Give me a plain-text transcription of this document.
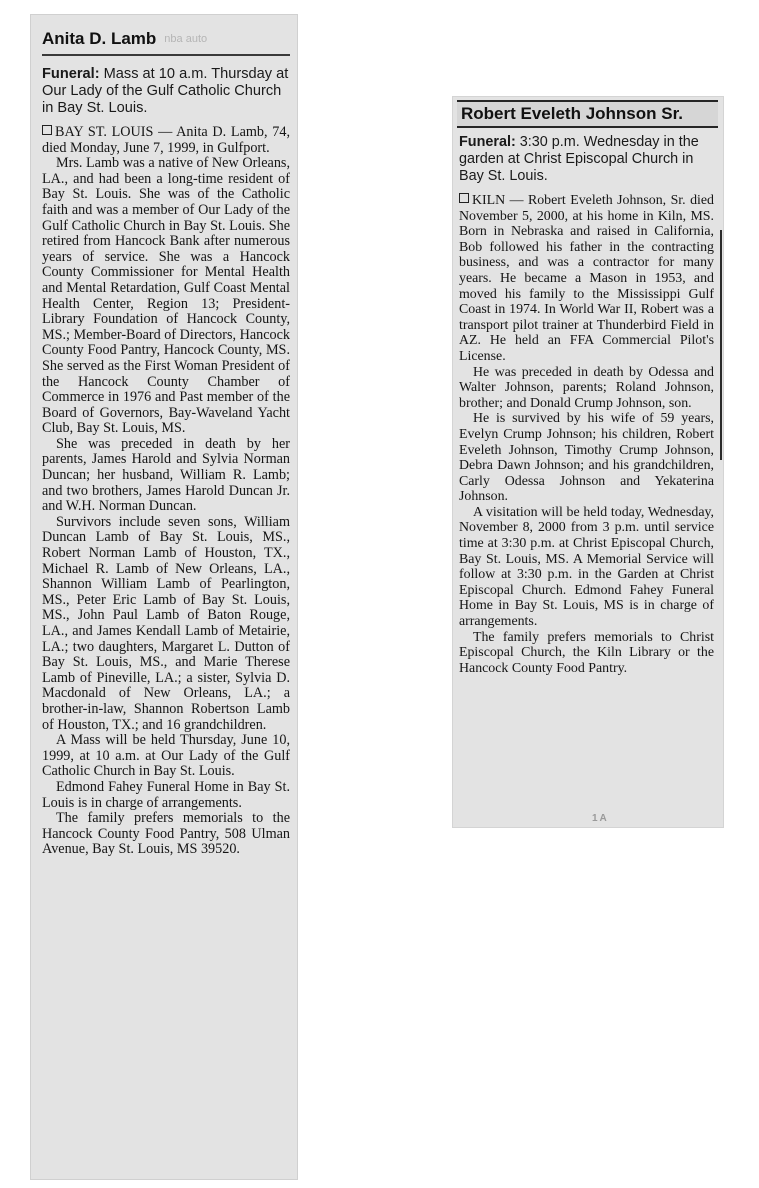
Anita D. Lamb nba auto
Funeral: Mass at 10 a.m. Thursday at Our Lady of the Gulf Catholic Church in Bay St. Louis.

BAY ST. LOUIS — Anita D. Lamb, 74, died Monday, June 7, 1999, in Gulfport.

Mrs. Lamb was a native of New Orleans, LA., and had been a long-time resident of Bay St. Louis. She was of the Catholic faith and was a member of Our Lady of the Gulf Catholic Church in Bay St. Louis. She retired from Hancock Bank after numerous years of service. She was a Hancock County Commissioner for Mental Health and Mental Retardation, Gulf Coast Mental Health Center, Region 13; President-Library Foundation of Hancock County, MS.; Member-Board of Directors, Hancock County Food Pantry, Hancock County, MS. She served as the First Woman President of the Hancock County Chamber of Commerce in 1976 and Past member of the Board of Governors, Bay-Waveland Yacht Club, Bay St. Louis, MS.

She was preceded in death by her parents, James Harold and Sylvia Norman Duncan; her husband, William R. Lamb; and two brothers, James Harold Duncan Jr. and W.H. Norman Duncan.

Survivors include seven sons, William Duncan Lamb of Bay St. Louis, MS., Robert Norman Lamb of Houston, TX., Michael R. Lamb of New Orleans, LA., Shannon William Lamb of Pearlington, MS., Peter Eric Lamb of Bay St. Louis, MS., John Paul Lamb of Baton Rouge, LA., and James Kendall Lamb of Metairie, LA.; two daughters, Margaret L. Dutton of Bay St. Louis, MS., and Marie Therese Lamb of Pineville, LA.; a sister, Sylvia D. Macdonald of New Orleans, LA.; a brother-in-law, Shannon Robertson Lamb of Houston, TX.; and 16 grandchildren.

A Mass will be held Thursday, June 10, 1999, at 10 a.m. at Our Lady of the Gulf Catholic Church in Bay St. Louis.

Edmond Fahey Funeral Home in Bay St. Louis is in charge of arrangements.

The family prefers memorials to the Hancock County Food Pantry, 508 Ulman Avenue, Bay St. Louis, MS 39520.

Robert Eveleth Johnson Sr.
Funeral: 3:30 p.m. Wednesday in the garden at Christ Episcopal Church in Bay St. Louis.

KILN — Robert Eveleth Johnson, Sr. died November 5, 2000, at his home in Kiln, MS. Born in Nebraska and raised in California, Bob followed his father in the contracting business, and was a contractor for many years. He became a Mason in 1953, and moved his family to the Mississippi Gulf Coast in 1974. In World War II, Robert was a transport pilot trainer at Thunderbird Field in AZ. He held an FFA Commercial Pilot's License.

He was preceded in death by Odessa and Walter Johnson, parents; Roland Johnson, brother; and Donald Crump Johnson, son.

He is survived by his wife of 59 years, Evelyn Crump Johnson; his children, Robert Eveleth Johnson, Timothy Crump Johnson, Debra Dawn Johnson; and his grandchildren, Carly Odessa Johnson and Yekaterina Johnson.

A visitation will be held today, Wednesday, November 8, 2000 from 3 p.m. until service time at 3:30 p.m. at Christ Episcopal Church, Bay St. Louis, MS. A Memorial Service will follow at 3:30 p.m. in the Garden at Christ Episcopal Church. Edmond Fahey Funeral Home in Bay St. Louis, MS is in charge of arrangements.

The family prefers memorials to Christ Episcopal Church, the Kiln Library or the Hancock County Food Pantry.

1A
